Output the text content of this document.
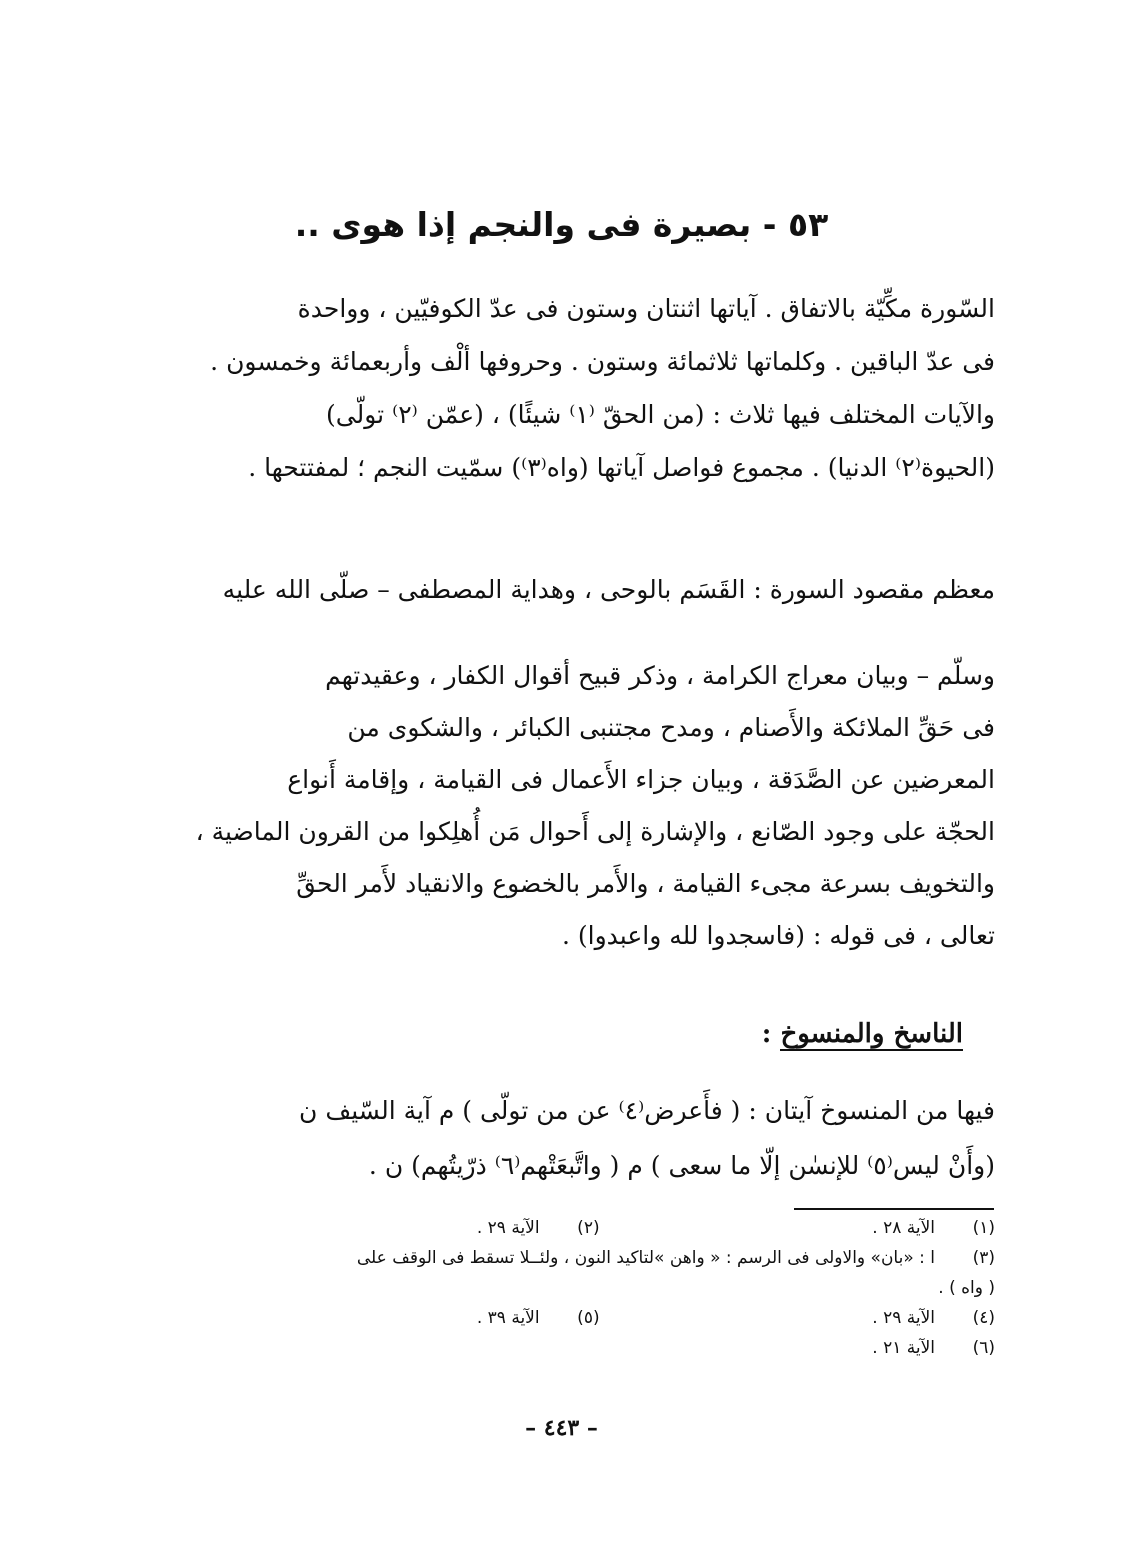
٥٣ - بصيرة فى والنجم إذا هوى ..
السّورة مكِّيّة بالاتفاق . آياتها اثنتان وستون فى عدّ الكوفيّين ، وواحدة
فى عدّ الباقين . وكلماتها ثلاثمائة وستون . وحروفها ألْف وأربعمائة وخمسون .
والآيات المختلف فيها ثلاث : (من الحقّ ⁽١⁾ شيئًا) ، (عمّن ⁽٢⁾ تولّى)
(الحيوة⁽٢⁾ الدنيا) . مجموع فواصل آياتها (واه⁽٣⁾) سمّيت النجم ؛ لمفتتحها .
معظم مقصود السورة : القَسَم بالوحى ، وهداية المصطفى – صلّى الله عليه
وسلّم – وبيان معراج الكرامة ، وذكر قبيح أقوال الكفار ، وعقيدتهم
فى حَقِّ الملائكة والأَصنام ، ومدح مجتنبى الكبائر ، والشكوى من
المعرضين عن الصَّدَقة ، وبيان جزاء الأَعمال فى القيامة ، وإقامة أَنواع
الحجّة على وجود الصّانع ، والإشارة إلى أَحوال مَن أُهلِكوا من القرون الماضية ،
والتخويف بسرعة مجىء القيامة ، والأَمر بالخضوع والانقياد لأَمر الحقِّ
تعالى ، فى قوله : (فاسجدوا لله واعبدوا) .
الناسخ والمنسوخ :
فيها من المنسوخ آيتان : ( فأَعرض⁽٤⁾ عن من تولّى ) م آية السّيف ن
(وأَنْ ليس⁽٥⁾ للإنسٰن إلّا ما سعى ) م ( واتَّبعَتْهم⁽٦⁾ ذرّيتُهم) ن .
(١)الآية ٢٨ . (٢)الآية ٢٩ .
(٣)ا : «بان» والاولى فى الرسم : « واهن »لتاكيد النون ، ولئــلا تسقط فى الوقف على
( واه ) .
(٤)الآية ٢٩ . (٥)الآية ٣٩ .
(٦)الآية ٢١ .
– ٤٤٣ –
